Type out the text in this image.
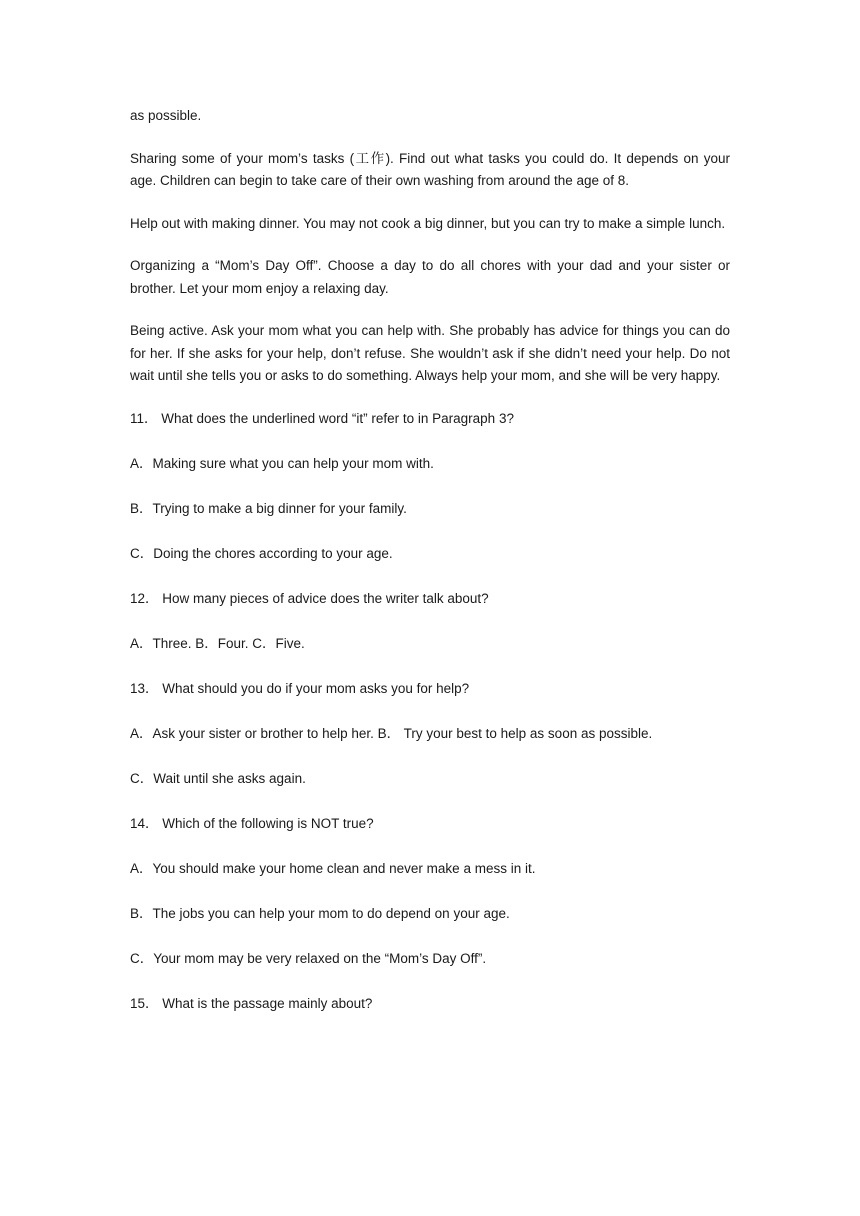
as possible.

Sharing some of your mom’s tasks (工作). Find out what tasks you could do. It depends on your age. Children can begin to take care of their own washing from around the age of 8.

Help out with making dinner. You may not cook a big dinner, but you can try to make a simple lunch.

Organizing a “Mom’s Day Off”. Choose a day to do all chores with your dad and your sister or brother. Let your mom enjoy a relaxing day.

Being active. Ask your mom what you can help with. She probably has advice for things you can do for her. If she asks for your help, don’t refuse. She wouldn’t ask if she didn’t need your help. Do not wait until she tells you or asks to do something. Always help your mom, and she will be very happy.

11． What does the underlined word “it” refer to in Paragraph 3?

A．Making sure what you can help your mom with.

B．Trying to make a big dinner for your family.

C．Doing the chores according to your age.

12． How many pieces of advice does the writer talk about?

A．Three. B．Four. C．Five.

13． What should you do if your mom asks you for help?

A．Ask your sister or brother to help her. B． Try your best to help as soon as possible.

C．Wait until she asks again.

14． Which of the following is NOT true?

A．You should make your home clean and never make a mess in it.

B．The jobs you can help your mom to do depend on your age.

C．Your mom may be very relaxed on the “Mom’s Day Off”.

15． What is the passage mainly about?
